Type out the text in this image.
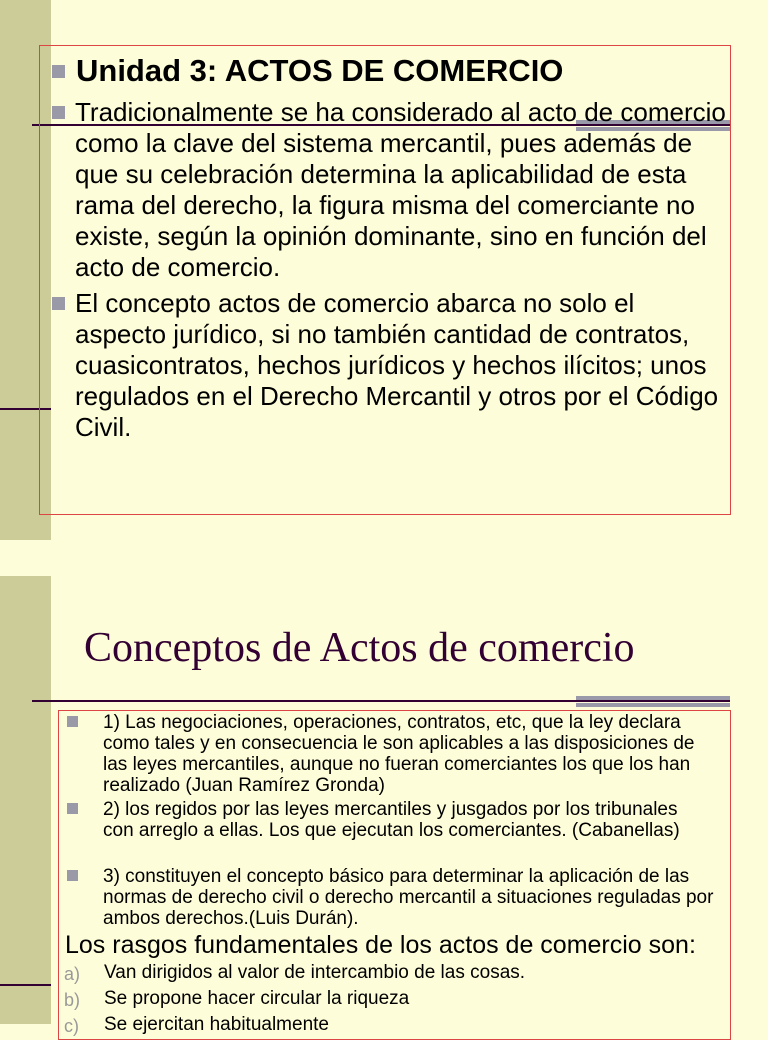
Unidad 3: ACTOS DE COMERCIO
Tradicionalmente se ha considerado al acto de comercio como la clave del sistema mercantil, pues además de que su celebración determina la aplicabilidad de esta rama del derecho, la figura misma del comerciante no existe, según la opinión dominante, sino en función del acto de comercio.
El concepto actos de comercio abarca no solo el aspecto jurídico, si no también cantidad de contratos, cuasicontratos, hechos jurídicos y hechos ilícitos; unos regulados en el Derecho Mercantil y otros por el Código Civil.
Conceptos de Actos de comercio
1) Las negociaciones, operaciones, contratos, etc, que la ley declara como tales y en consecuencia le son aplicables a las disposiciones de las leyes mercantiles, aunque no fueran comerciantes los que los han realizado (Juan Ramírez Gronda)
2) los regidos por las leyes mercantiles y jusgados por los tribunales con arreglo a ellas. Los que ejecutan los comerciantes. (Cabanellas)
3) constituyen el concepto básico para determinar la aplicación de las normas de derecho civil o derecho mercantil a situaciones reguladas por ambos derechos.(Luis Durán).
Los rasgos fundamentales de los actos de comercio son:
a) Van dirigidos al valor de intercambio de las cosas.
b) Se propone hacer circular la riqueza
c) Se ejercitan habitualmente
